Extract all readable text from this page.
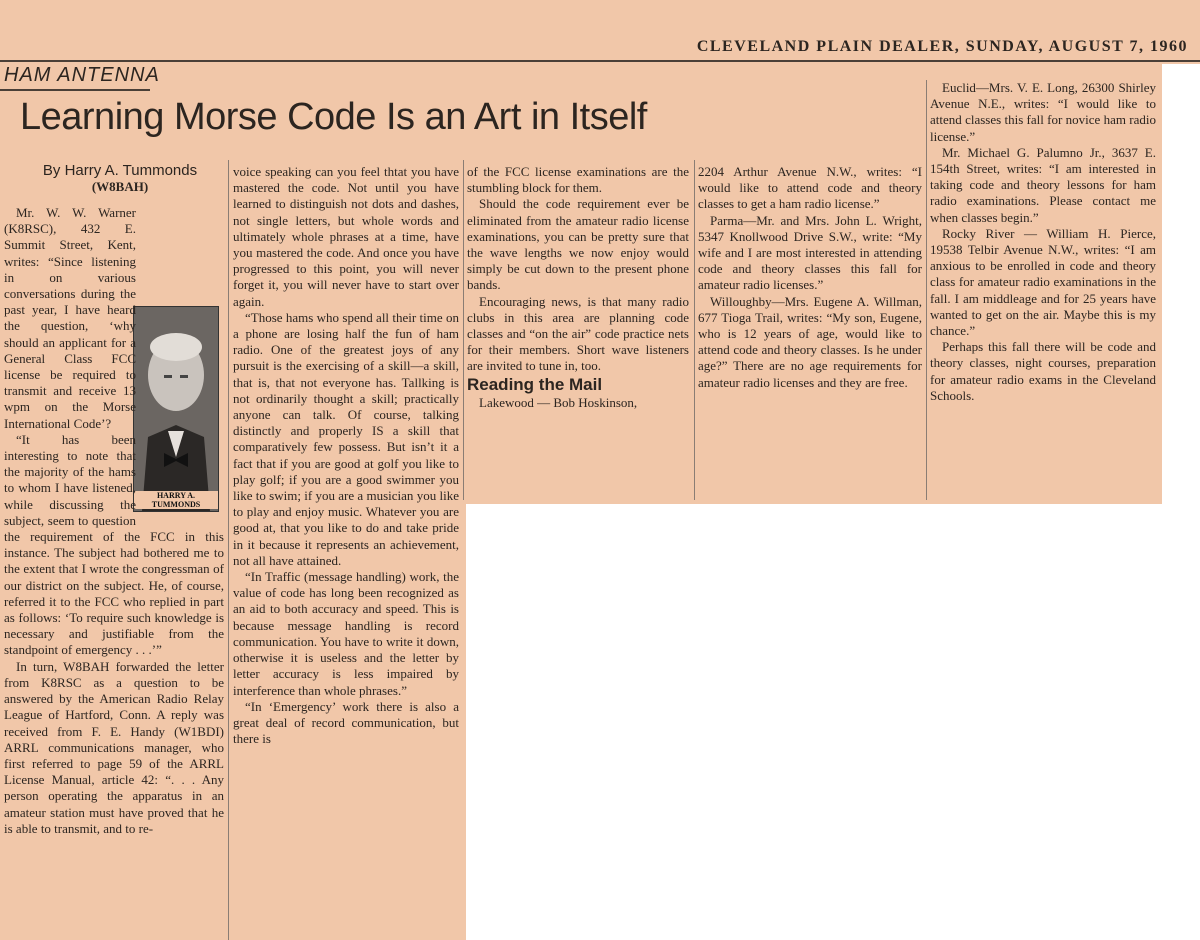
CLEVELAND PLAIN DEALER, SUNDAY, AUGUST 7, 1960
HAM ANTENNA
Learning Morse Code Is an Art in Itself

By Harry A. Tummonds

(W8BAH)

HARRY A. TUMMONDS

Mr. W. W. Warner (K8RSC), 432 E. Summit Street, Kent, writes: “Since listening in on various conversations during the past year, I have heard the question, ‘why should an applicant for a General Class FCC license be required to transmit and receive 13 wpm on the Morse International Code’?

“It has been interesting to note that the majority of the hams to whom I have listened, while discussing the subject, seem to question the requirement of the FCC in this instance. The subject had bothered me to the extent that I wrote the congressman of our district on the subject. He, of course, referred it to the FCC who replied in part as follows: ‘To require such knowledge is necessary and justifiable from the standpoint of emergency . . .’”

In turn, W8BAH forwarded the letter from K8RSC as a question to be answered by the American Radio Relay League of Hartford, Conn. A reply was received from F. E. Handy (W1BDI) ARRL communications manager, who first referred to page 59 of the ARRL License Manual, article 42: “. . . Any person operating the apparatus in an amateur station must have proved that he is able to transmit, and to re-

voice speaking can you feel thtat you have mastered the code. Not until you have learned to distinguish not dots and dashes, not single letters, but whole words and ultimately whole phrases at a time, have you mastered the code. And once you have progressed to this point, you will never forget it, you will never have to start over again.

“Those hams who spend all their time on a phone are losing half the fun of ham radio. One of the greatest joys of any pursuit is the exercising of a skill—a skill, that is, that not everyone has. Tallking is not ordinarily thought a skill; practically anyone can talk. Of course, talking distinctly and properly IS a skill that comparatively few possess. But isn’t it a fact that if you are good at golf you like to play golf; if you are a good swimmer you like to swim; if you are a musician you like to play and enjoy music. Whatever you are good at, that you like to do and take pride in it because it represents an achievement, not all have attained.

“In Traffic (message handling) work, the value of code has long been recognized as an aid to both accuracy and speed. This is because message handling is record communication. You have to write it down, otherwise it is useless and the letter by letter accuracy is less impaired by interference than whole phrases.”

“In ‘Emergency’ work there is also a great deal of record communication, but there is

of the FCC license examinations are the stumbling block for them.

Should the code requirement ever be eliminated from the amateur radio license examinations, you can be pretty sure that the wave lengths we now enjoy would simply be cut down to the present phone bands.

Encouraging news, is that many radio clubs in this area are planning code classes and “on the air” code practice nets for their members. Short wave listeners are invited to tune in, too.

Reading the Mail

Lakewood — Bob Hoskinson,

2204 Arthur Avenue N.W., writes: “I would like to attend code and theory classes to get a ham radio license.”

Parma—Mr. and Mrs. John L. Wright, 5347 Knollwood Drive S.W., write: “My wife and I are most interested in attending code and theory classes this fall for amateur radio licenses.”

Willoughby—Mrs. Eugene A. Willman, 677 Tioga Trail, writes: “My son, Eugene, who is 12 years of age, would like to attend code and theory classes. Is he under age?” There are no age requirements for amateur radio licenses and they are free.

Euclid—Mrs. V. E. Long, 26300 Shirley Avenue N.E., writes: “I would like to attend classes this fall for novice ham radio license.”

Mr. Michael G. Palumno Jr., 3637 E. 154th Street, writes: “I am interested in taking code and theory lessons for ham radio examinations. Please contact me when classes begin.”

Rocky River — William H. Pierce, 19538 Telbir Avenue N.W., writes: “I am anxious to be enrolled in code and theory class for amateur radio examinations in the fall. I am middleage and for 25 years have wanted to get on the air. Maybe this is my chance.”

Perhaps this fall there will be code and theory classes, night courses, preparation for amateur radio exams in the Cleveland Schools.
